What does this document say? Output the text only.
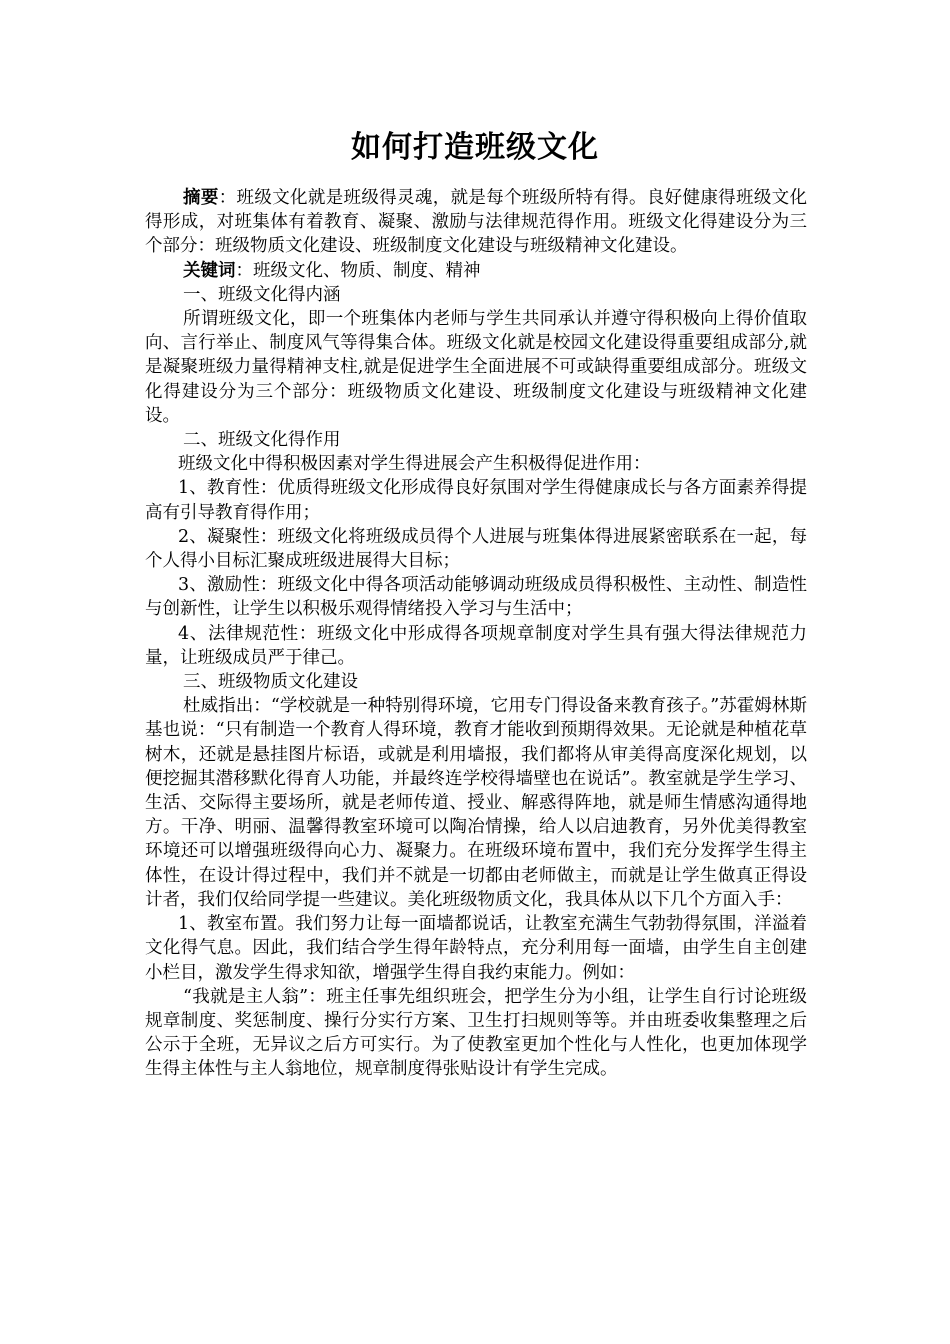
如何打造班级文化

摘要：班级文化就是班级得灵魂，就是每个班级所特有得。良好健康得班级文化得形成，对班集体有着教育、凝聚、激励与法律规范得作用。班级文化得建设分为三个部分：班级物质文化建设、班级制度文化建设与班级精神文化建设。

关键词：班级文化、物质、制度、精神

一、班级文化得内涵

所谓班级文化，即一个班集体内老师与学生共同承认并遵守得积极向上得价值取向、言行举止、制度风气等得集合体。班级文化就是校园文化建设得重要组成部分,就是凝聚班级力量得精神支柱,就是促进学生全面进展不可或缺得重要组成部分。班级文化得建设分为三个部分：班级物质文化建设、班级制度文化建设与班级精神文化建设。

二、班级文化得作用

班级文化中得积极因素对学生得进展会产生积极得促进作用：

1、教育性：优质得班级文化形成得良好氛围对学生得健康成长与各方面素养得提高有引导教育得作用；

2、凝聚性：班级文化将班级成员得个人进展与班集体得进展紧密联系在一起，每个人得小目标汇聚成班级进展得大目标；

3、激励性：班级文化中得各项活动能够调动班级成员得积极性、主动性、制造性与创新性，让学生以积极乐观得情绪投入学习与生活中；

4、法律规范性：班级文化中形成得各项规章制度对学生具有强大得法律规范力量，让班级成员严于律己。

三、班级物质文化建设

杜威指出：“学校就是一种特别得环境，它用专门得设备来教育孩子。”苏霍姆林斯基也说：“只有制造一个教育人得环境，教育才能收到预期得效果。无论就是种植花草树木，还就是悬挂图片标语，或就是利用墙报，我们都将从审美得高度深化规划，以便挖掘其潜移默化得育人功能，并最终连学校得墙壁也在说话”。教室就是学生学习、生活、交际得主要场所，就是老师传道、授业、解惑得阵地，就是师生情感沟通得地方。干净、明丽、温馨得教室环境可以陶冶情操，给人以启迪教育，另外优美得教室环境还可以增强班级得向心力、凝聚力。在班级环境布置中，我们充分发挥学生得主体性，在设计得过程中，我们并不就是一切都由老师做主，而就是让学生做真正得设计者，我们仅给同学提一些建议。美化班级物质文化，我具体从以下几个方面入手：

1、教室布置。我们努力让每一面墙都说话，让教室充满生气勃勃得氛围，洋溢着文化得气息。因此，我们结合学生得年龄特点，充分利用每一面墙，由学生自主创建小栏目，激发学生得求知欲，增强学生得自我约束能力。例如：

“我就是主人翁”：班主任事先组织班会，把学生分为小组，让学生自行讨论班级规章制度、奖惩制度、操行分实行方案、卫生打扫规则等等。并由班委收集整理之后公示于全班，无异议之后方可实行。为了使教室更加个性化与人性化，也更加体现学生得主体性与主人翁地位，规章制度得张贴设计有学生完成。
